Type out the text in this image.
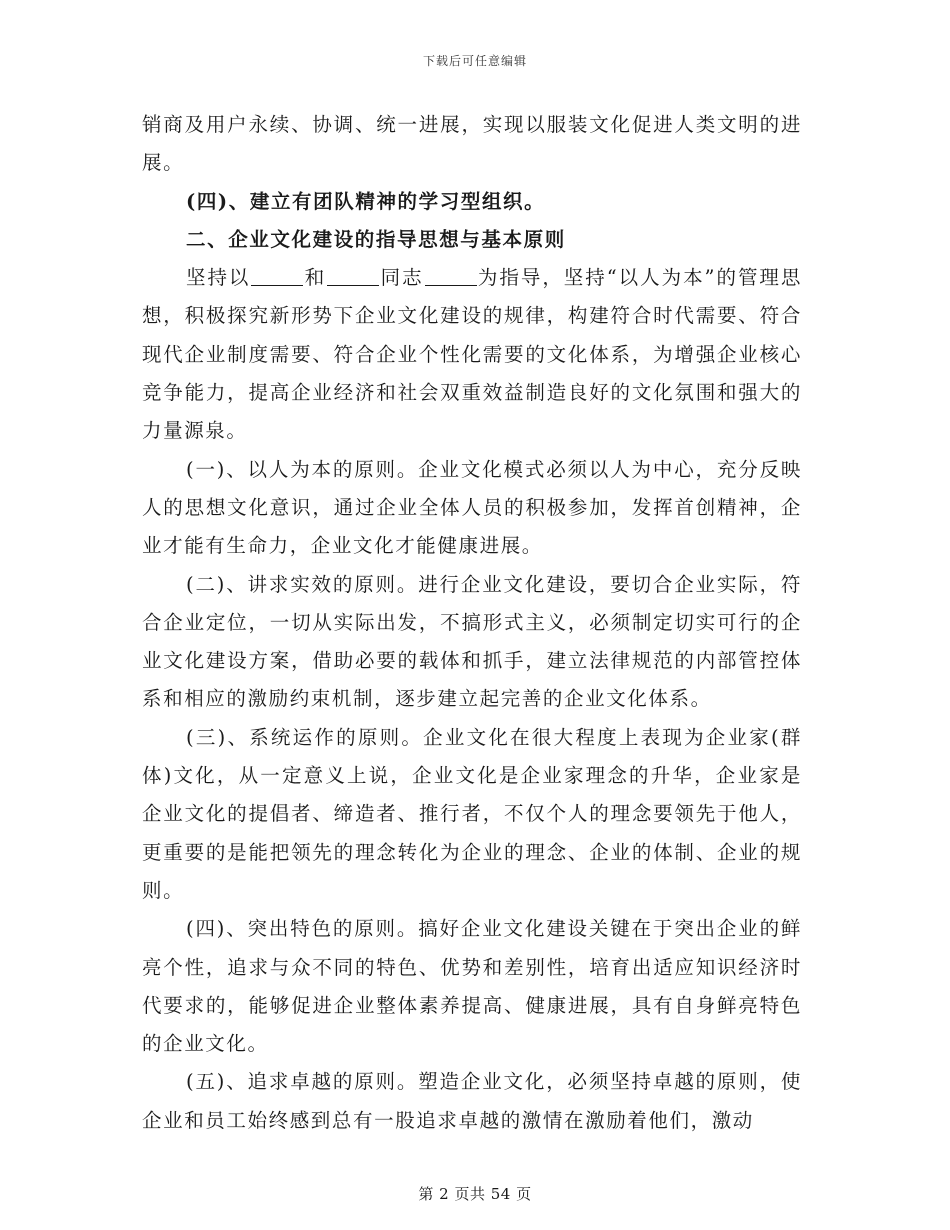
下载后可任意编辑

销商及用户永续、协调、统一进展，实现以服装文化促进人类文明的进展。

(四)、建立有团队精神的学习型组织。

二、企业文化建设的指导思想与基本原则

坚持以	和	同志	为指导，坚持“以人为本”的管理思想，积极探究新形势下企业文化建设的规律，构建符合时代需要、符合现代企业制度需要、符合企业个性化需要的文化体系，为增强企业核心竞争能力，提高企业经济和社会双重效益制造良好的文化氛围和强大的力量源泉。

(一)、以人为本的原则。企业文化模式必须以人为中心，充分反映人的思想文化意识，通过企业全体人员的积极参加，发挥首创精神，企业才能有生命力，企业文化才能健康进展。

(二)、讲求实效的原则。进行企业文化建设，要切合企业实际，符合企业定位，一切从实际出发，不搞形式主义，必须制定切实可行的企业文化建设方案，借助必要的载体和抓手，建立法律规范的内部管控体系和相应的激励约束机制，逐步建立起完善的企业文化体系。

(三)、系统运作的原则。企业文化在很大程度上表现为企业家(群体)文化，从一定意义上说，企业文化是企业家理念的升华，企业家是企业文化的提倡者、缔造者、推行者，不仅个人的理念要领先于他人，更重要的是能把领先的理念转化为企业的理念、企业的体制、企业的规则。

(四)、突出特色的原则。搞好企业文化建设关键在于突出企业的鲜亮个性，追求与众不同的特色、优势和差别性，培育出适应知识经济时代要求的，能够促进企业整体素养提高、健康进展，具有自身鲜亮特色的企业文化。

(五)、追求卓越的原则。塑造企业文化，必须坚持卓越的原则，使企业和员工始终感到总有一股追求卓越的激情在激励着他们，激动

第 2 页共 54 页
